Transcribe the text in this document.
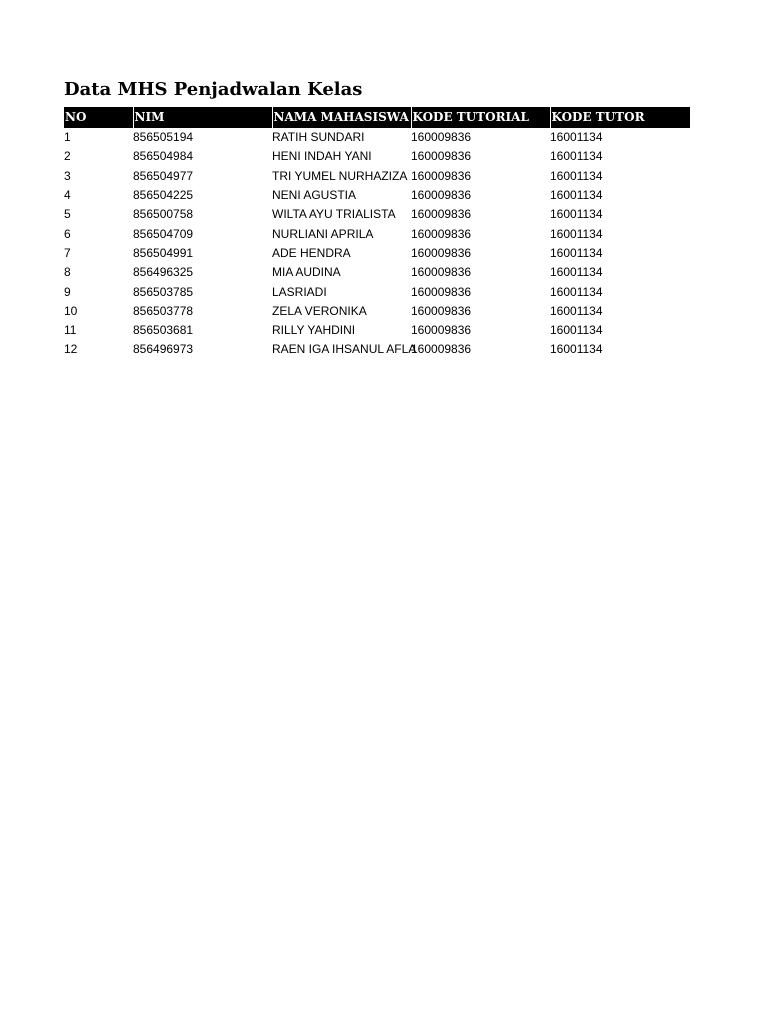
Data MHS Penjadwalan Kelas
NO	NIM	NAMA MAHASISWA	KODE TUTORIAL	KODE TUTOR
1	856505194	RATIH SUNDARI	160009836	16001134
2	856504984	HENI INDAH YANI	160009836	16001134
3	856504977	TRI YUMEL NURHAZIZA	160009836	16001134
4	856504225	NENI AGUSTIA	160009836	16001134
5	856500758	WILTA AYU TRIALISTA	160009836	16001134
6	856504709	NURLIANI APRILA	160009836	16001134
7	856504991	ADE HENDRA	160009836	16001134
8	856496325	MIA AUDINA	160009836	16001134
9	856503785	LASRIADI	160009836	16001134
10	856503778	ZELA VERONIKA	160009836	16001134
11	856503681	RILLY YAHDINI	160009836	16001134
12	856496973	RAEN IGA IHSANUL AFLA	160009836	16001134
